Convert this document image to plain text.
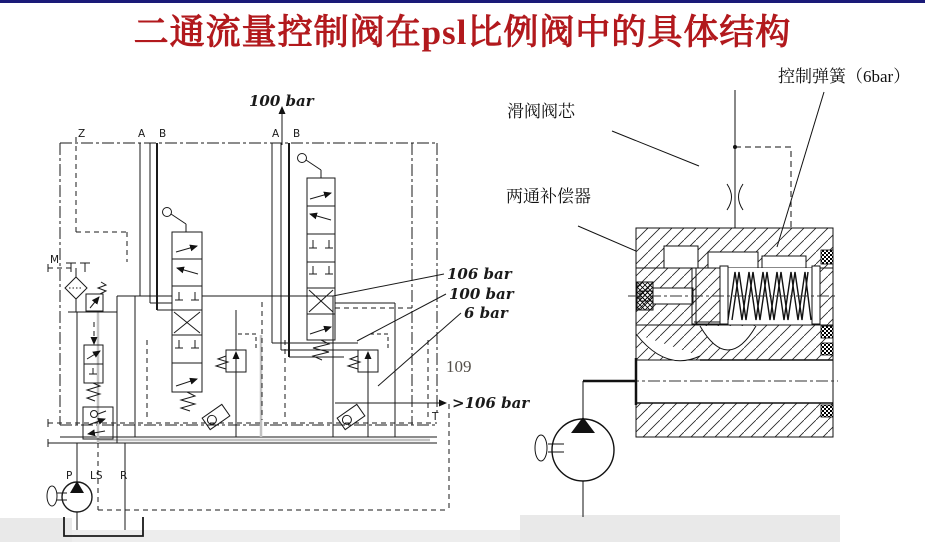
二通流量控制阀在psl比例阀中的具体结构
100 bar
Z	A B	A B
M
P LS R
T
106 bar
100 bar
6 bar
109
>106 bar
滑阀阀芯
控制弹簧（6bar）
两通补偿器
